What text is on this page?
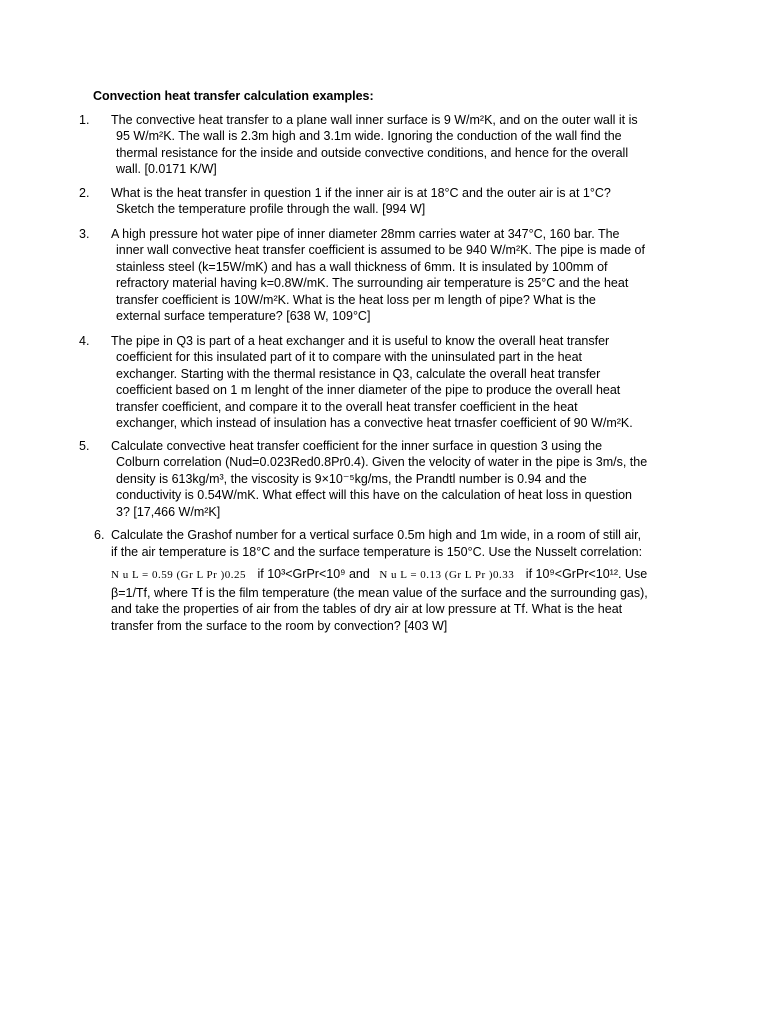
Convection heat transfer calculation examples:
1. The convective heat transfer to a plane wall inner surface is 9 W/m²K, and on the outer wall it is
95 W/m²K. The wall is 2.3m high and 3.1m wide. Ignoring the conduction of the wall find the
thermal resistance for the inside and outside convective conditions, and hence for the overall
wall. [0.0171 K/W]
2. What is the heat transfer in question 1 if the inner air is at 18°C and the outer air is at 1°C?
Sketch the temperature profile through the wall. [994 W]
3. A high pressure hot water pipe of inner diameter 28mm carries water at 347°C, 160 bar. The
inner wall convective heat transfer coefficient is assumed to be 940 W/m²K. The pipe is made of
stainless steel (k=15W/mK) and has a wall thickness of 6mm. It is insulated by 100mm of
refractory material having k=0.8W/mK. The surrounding air temperature is 25°C and the heat
transfer coefficient is 10W/m²K. What is the heat loss per m length of pipe? What is the
external surface temperature? [638 W, 109°C]
4. The pipe in Q3 is part of a heat exchanger and it is useful to know the overall heat transfer
coefficient for this insulated part of it to compare with the uninsulated part in the heat
exchanger. Starting with the thermal resistance in Q3, calculate the overall heat transfer
coefficient based on 1 m lenght of the inner diameter of the pipe to produce the overall heat
transfer coefficient, and compare it to the overall heat transfer coefficient in the heat
exchanger, which instead of insulation has a convective heat trnasfer coefficient of 90 W/m²K.
5. Calculate convective heat transfer coefficient for the inner surface in question 3 using the
Colburn correlation (Nud=0.023Red0.8Pr0.4). Given the velocity of water in the pipe is 3m/s, the
density is 613kg/m³, the viscosity is 9×10⁻⁵kg/ms, the Prandtl number is 0.94 and the
conductivity is 0.54W/mK. What effect will this have on the calculation of heat loss in question
3? [17,466 W/m²K]
6. Calculate the Grashof number for a vertical surface 0.5m high and 1m wide, in a room of still air,
if the air temperature is 18°C and the surface temperature is 150°C. Use the Nusselt correlation:
N u L = 0.59 (Gr L Pr )0.25 if 10³<GrPr<10⁹ and N u L = 0.13 (Gr L Pr )0.33 if 10⁹<GrPr<10¹². Use
β=1/Tf, where Tf is the film temperature (the mean value of the surface and the surrounding gas),
and take the properties of air from the tables of dry air at low pressure at Tf. What is the heat
transfer from the surface to the room by convection? [403 W]
